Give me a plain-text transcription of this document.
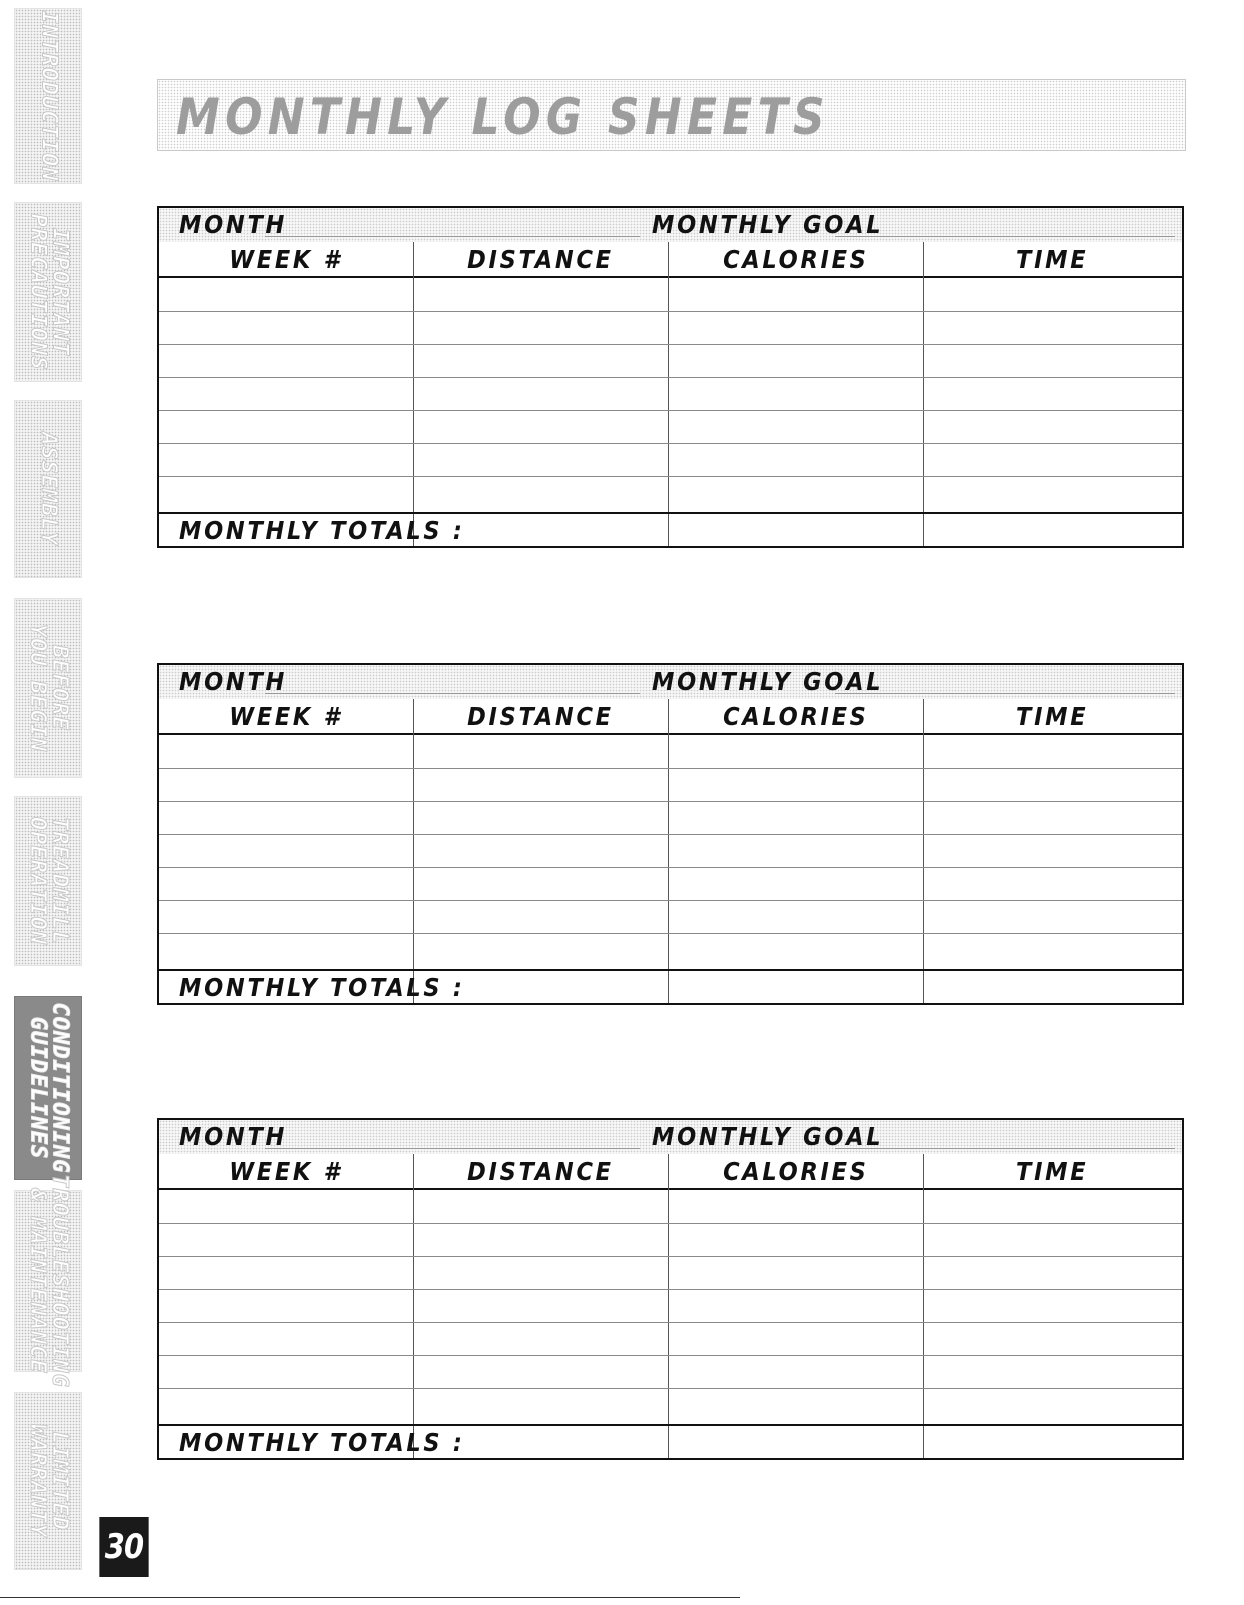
INTRODUCTION
IMPORTANT
PRECAUTIONS
ASSEMBLY
BEFORE
YOU BEGIN
TREADMILL
OPERATION
CONDITIONING
GUIDELINES
TROUBLESHOOTING
& MAINTENANCE
LIMITED
WARRANTY
30
MONTHLY LOG SHEETS
MONTH	MONTHLY GOAL
WEEK #	DISTANCE	CALORIES	TIME
MONTHLY TOTALS :
MONTH	MONTHLY GOAL
WEEK #	DISTANCE	CALORIES	TIME
MONTHLY TOTALS :
MONTH	MONTHLY GOAL
WEEK #	DISTANCE	CALORIES	TIME
MONTHLY TOTALS :
